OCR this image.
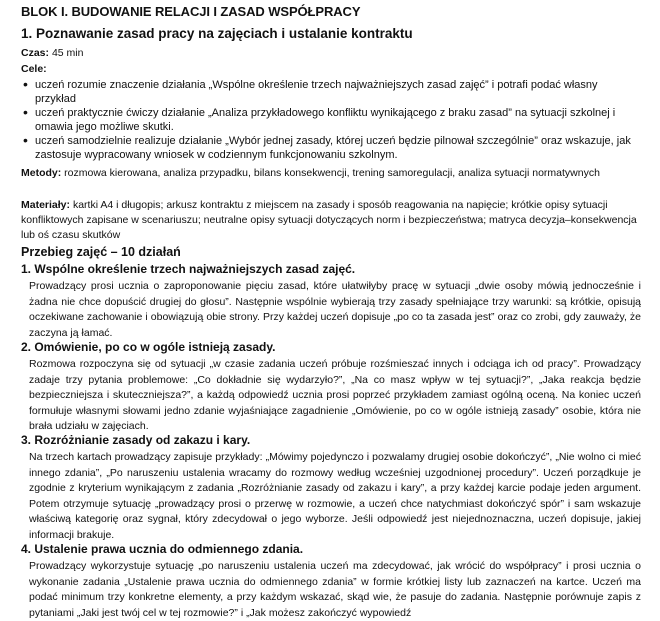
BLOK I. BUDOWANIE RELACJI I ZASAD WSPÓŁPRACY
1. Poznawanie zasad pracy na zajęciach i ustalanie kontraktu
Czas: 45 min
Cele:
• uczeń rozumie znaczenie działania „Wspólne określenie trzech najważniejszych zasad zajęć” i potrafi podać własny przykład
• uczeń praktycznie ćwiczy działanie „Analiza przykładowego konfliktu wynikającego z braku zasad” na sytuacji szkolnej i omawia jego możliwe skutki.
• uczeń samodzielnie realizuje działanie „Wybór jednej zasady, której uczeń będzie pilnował szczególnie” oraz wskazuje, jak zastosuje wypracowany wniosek w codziennym funkcjonowaniu szkolnym.
Metody: rozmowa kierowana, analiza przypadku, bilans konsekwencji, trening samoregulacji, analiza sytuacji normatywnych
Materiały: kartki A4 i długopis; arkusz kontraktu z miejscem na zasady i sposób reagowania na napięcie; krótkie opisy sytuacji konfliktowych zapisane w scenariuszu; neutralne opisy sytuacji dotyczących norm i bezpieczeństwa; matryca decyzja–konsekwencja lub oś czasu skutków
Przebieg zajęć – 10 działań
1. Wspólne określenie trzech najważniejszych zasad zajęć.
Prowadzący prosi ucznia o zaproponowanie pięciu zasad, które ułatwiłyby pracę w sytuacji „dwie osoby mówią jednocześnie i żadna nie chce dopuścić drugiej do głosu”. Następnie wspólnie wybierają trzy zasady spełniające trzy warunki: są krótkie, opisują oczekiwane zachowanie i obowiązują obie strony. Przy każdej uczeń dopisuje „po co ta zasada jest” oraz co zrobi, gdy zauważy, że zaczyna ją łamać.
2. Omówienie, po co w ogóle istnieją zasady.
Rozmowa rozpoczyna się od sytuacji „w czasie zadania uczeń próbuje rozśmieszać innych i odciąga ich od pracy”. Prowadzący zadaje trzy pytania problemowe: „Co dokładnie się wydarzyło?”, „Na co masz wpływ w tej sytuacji?”, „Jaka reakcja będzie bezpieczniejsza i skuteczniejsza?”, a każdą odpowiedź ucznia prosi poprzeć przykładem zamiast ogólną oceną. Na koniec uczeń formułuje własnymi słowami jedno zdanie wyjaśniające zagadnienie „Omówienie, po co w ogóle istnieją zasady” osobie, która nie brała udziału w zajęciach.
3. Rozróżnianie zasady od zakazu i kary.
Na trzech kartach prowadzący zapisuje przykłady: „Mówimy pojedynczo i pozwalamy drugiej osobie dokończyć”, „Nie wolno ci mieć innego zdania”, „Po naruszeniu ustalenia wracamy do rozmowy według wcześniej uzgodnionej procedury”. Uczeń porządkuje je zgodnie z kryterium wynikającym z zadania „Rozróżnianie zasady od zakazu i kary”, a przy każdej karcie podaje jeden argument. Potem otrzymuje sytuację „prowadzący prosi o przerwę w rozmowie, a uczeń chce natychmiast dokończyć spór” i sam wskazuje właściwą kategorię oraz sygnał, który zdecydował o jego wyborze. Jeśli odpowiedź jest niejednoznaczna, uczeń dopisuje, jakiej informacji brakuje.
4. Ustalenie prawa ucznia do odmiennego zdania.
Prowadzący wykorzystuje sytuację „po naruszeniu ustalenia uczeń ma zdecydować, jak wrócić do współpracy” i prosi ucznia o wykonanie zadania „Ustalenie prawa ucznia do odmiennego zdania” w formie krótkiej listy lub zaznaczeń na kartce. Uczeń ma podać minimum trzy konkretne elementy, a przy każdym wskazać, skąd wie, że pasuje do zadania. Następnie porównuje zapis z pytaniami „Jaki jest twój cel w tej rozmowie?” i „Jak możesz zakończyć wypowiedź
